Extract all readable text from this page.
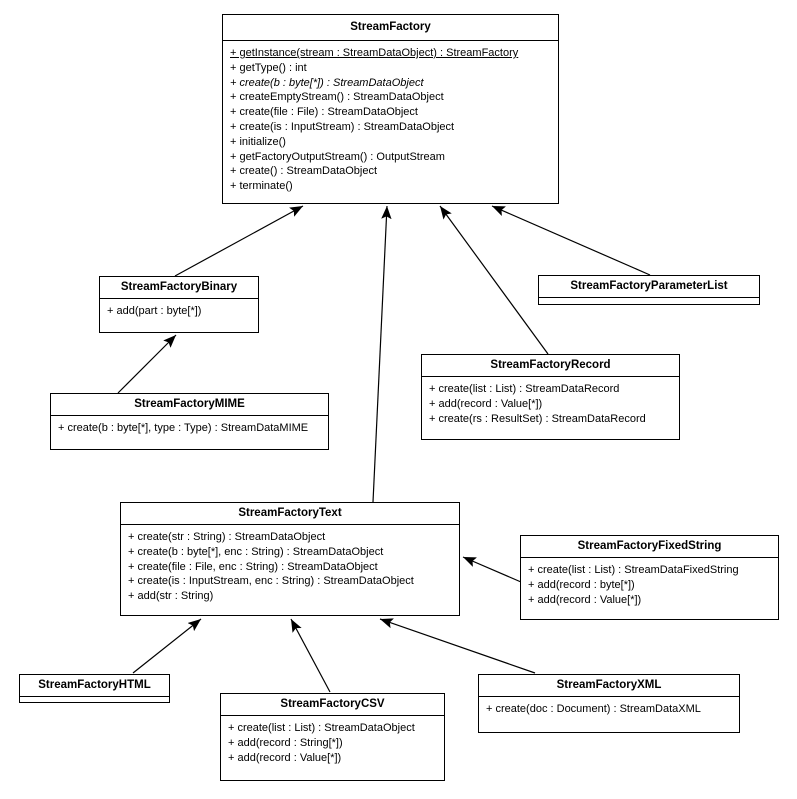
StreamFactory
+ getInstance(stream : StreamDataObject) : StreamFactory
+ getType() : int
+ create(b : byte[*]) : StreamDataObject
+ createEmptyStream() : StreamDataObject
+ create(file : File) : StreamDataObject
+ create(is : InputStream) : StreamDataObject
+ initialize()
+ getFactoryOutputStream() : OutputStream
+ create() : StreamDataObject
+ terminate()
StreamFactoryBinary
+ add(part : byte[*])
StreamFactoryParameterList
StreamFactoryMIME
+ create(b : byte[*], type : Type) : StreamDataMIME
StreamFactoryRecord
+ create(list : List) : StreamDataRecord
+ add(record : Value[*])
+ create(rs : ResultSet) : StreamDataRecord
StreamFactoryText
+ create(str : String) : StreamDataObject
+ create(b : byte[*], enc : String) : StreamDataObject
+ create(file : File, enc : String) : StreamDataObject
+ create(is : InputStream, enc : String) : StreamDataObject
+ add(str : String)
StreamFactoryFixedString
+ create(list : List) : StreamDataFixedString
+ add(record : byte[*])
+ add(record : Value[*])
StreamFactoryHTML
StreamFactoryCSV
+ create(list : List) : StreamDataObject
+ add(record : String[*])
+ add(record : Value[*])
StreamFactoryXML
+ create(doc : Document) : StreamDataXML
